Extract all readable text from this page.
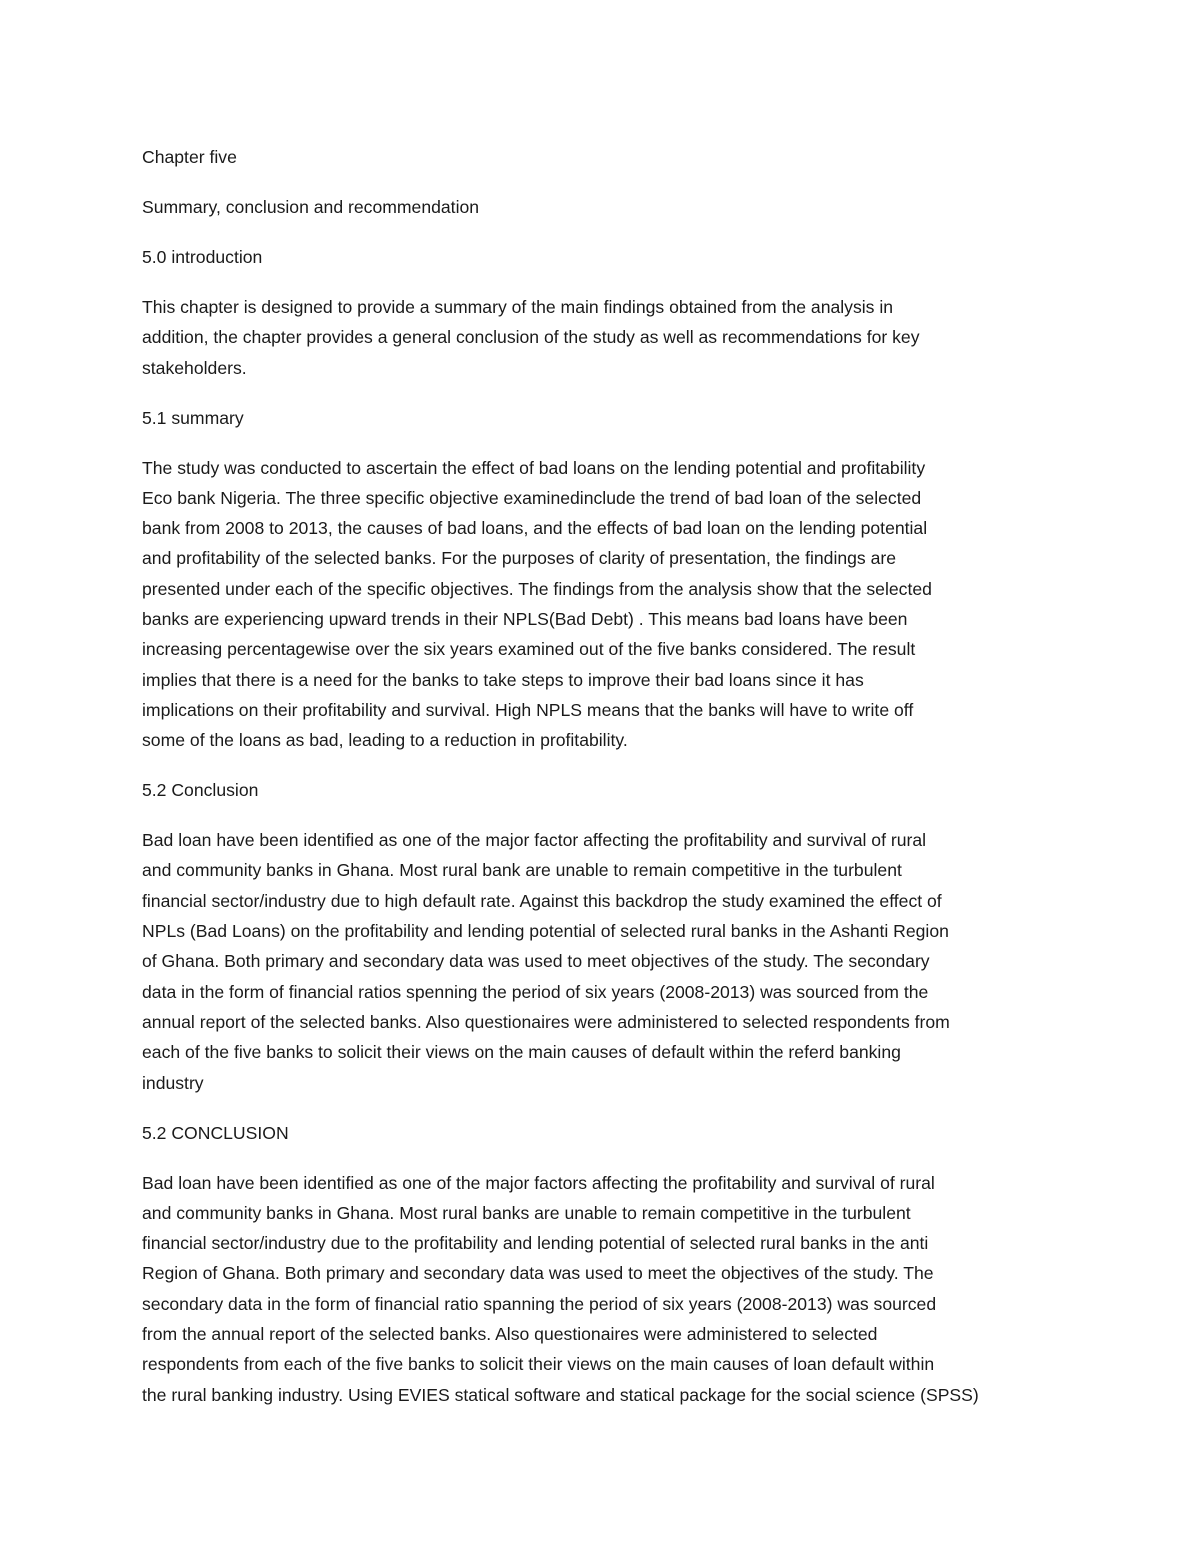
Chapter five

Summary, conclusion and recommendation

5.0 introduction

This chapter is designed to provide a summary of the main findings obtained from the analysis in
addition, the chapter provides a general conclusion of the study as well as recommendations for key
stakeholders.

5.1 summary

The study was conducted to ascertain the effect of bad loans on the lending potential and profitability
Eco bank Nigeria. The three specific objective examinedinclude the trend of bad loan of the selected
bank from 2008 to 2013, the causes of bad loans, and the effects of bad loan on the lending potential
and profitability of the selected banks. For the purposes of clarity of presentation, the findings are
presented under each of the specific objectives. The findings from the analysis show that the selected
banks are experiencing upward trends in their NPLS(Bad Debt) . This means bad loans have been
increasing percentagewise over the six years examined out of the five banks considered. The result
implies that there is a need for the banks to take steps to improve their bad loans since it has
implications on their profitability and survival. High NPLS means that the banks will have to write off
some of the loans as bad, leading to a reduction in profitability.

5.2 Conclusion

Bad loan have been identified as one of the major factor affecting the profitability and survival of rural
and community banks in Ghana. Most rural bank are unable to remain competitive in the turbulent
financial sector/industry due to high default rate. Against this backdrop the study examined the effect of
NPLs (Bad Loans) on the profitability and lending potential of selected rural banks in the Ashanti Region
of Ghana. Both primary and secondary data was used to meet objectives of the study. The secondary
data in the form of financial ratios spenning the period of six years (2008-2013) was sourced from the
annual report of the selected banks. Also questionaires were administered to selected respondents from
each of the five banks to solicit their views on the main causes of default within the referd banking
industry

5.2 CONCLUSION

Bad loan have been identified as one of the major factors affecting the profitability and survival of rural
and community banks in Ghana. Most rural banks are unable to remain competitive in the turbulent
financial sector/industry due to the profitability and lending potential of selected rural banks in the anti
Region of Ghana. Both primary and secondary data was used to meet the objectives of the study. The
secondary data in the form of financial ratio spanning the period of six years (2008-2013) was sourced
from the annual report of the selected banks. Also questionaires were administered to selected
respondents from each of the five banks to solicit their views on the main causes of loan default within
the rural banking industry. Using EVIES statical software and statical package for the social science (SPSS)
